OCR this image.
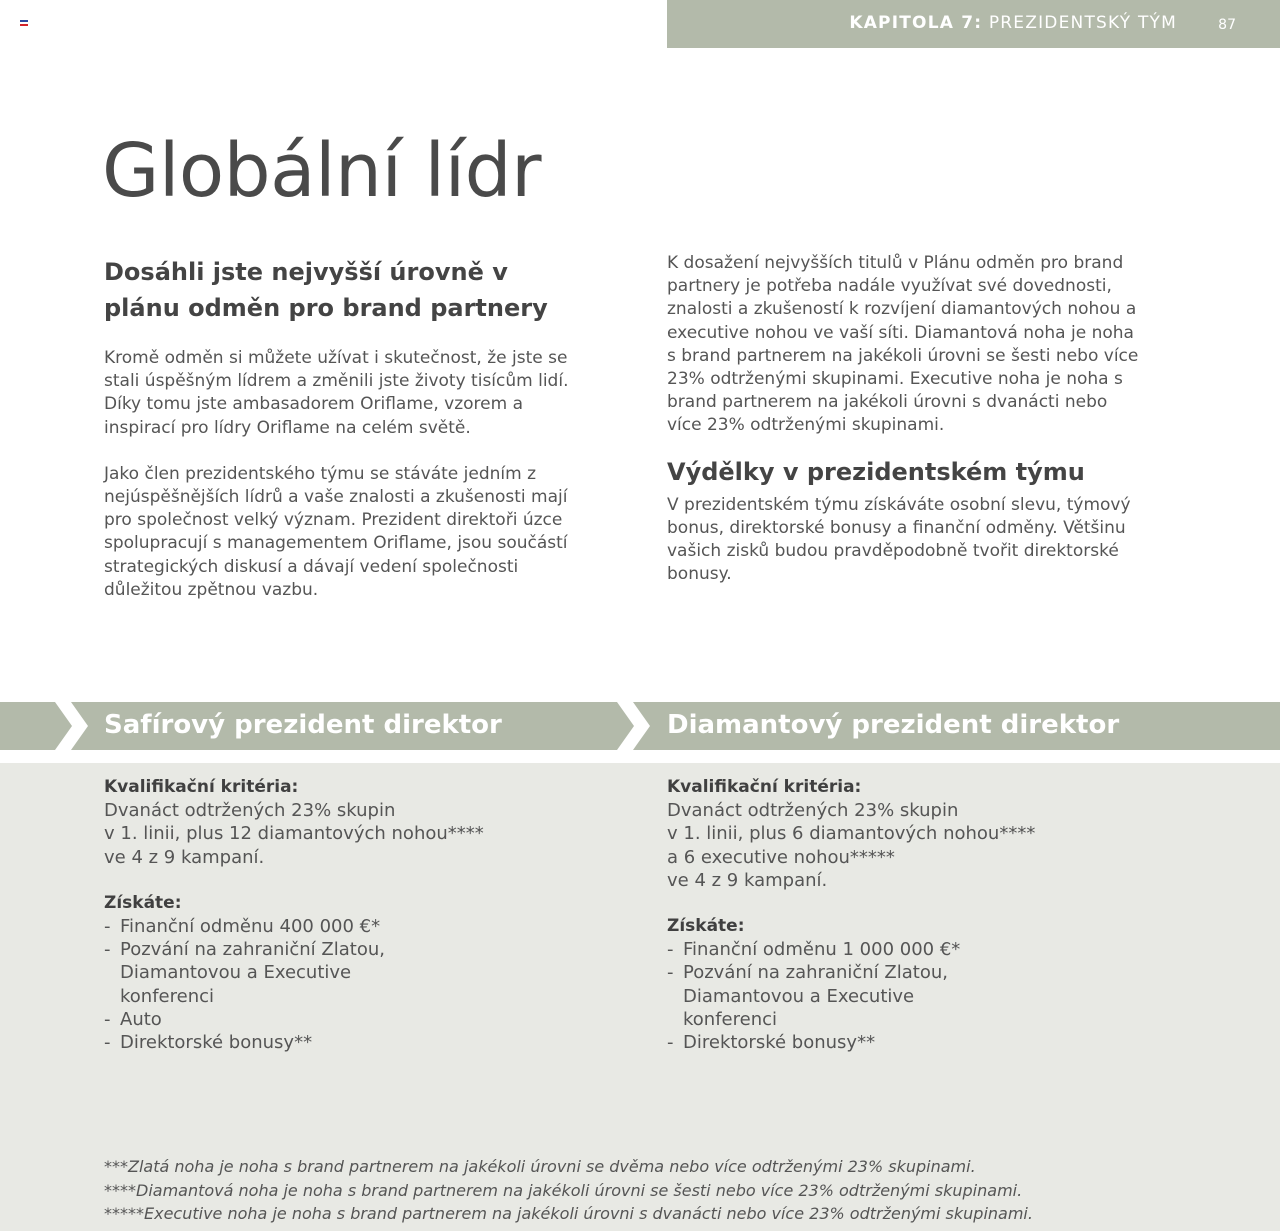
KAPITOLA 7: PREZIDENTSKÝ TÝM	87
Globální lídr
Dosáhli jste nejvyšší úrovně v plánu odměn pro brand partnery

Kromě odměn si můžete užívat i skutečnost, že jste se stali úspěšným lídrem a změnili jste životy tisícům lidí. Díky tomu jste ambasadorem Oriflame, vzorem a inspirací pro lídry Oriflame na celém světě.

Jako člen prezidentského týmu se stáváte jedním z nejúspěšnějších lídrů a vaše znalosti a zkušenosti mají pro společnost velký význam. Prezident direktoři úzce spolupracují s managementem Oriflame, jsou součástí strategických diskusí a dávají vedení společnosti důležitou zpětnou vazbu.

K dosažení nejvyšších titulů v Plánu odměn pro brand partnery je potřeba nadále využívat své dovednosti, znalosti a zkušeností k rozvíjení diamantových nohou a executive nohou ve vaší síti. Diamantová noha je noha s brand partnerem na jakékoli úrovni se šesti nebo více 23% odtrženými skupinami. Executive noha je noha s brand partnerem na jakékoli úrovni s dvanácti nebo více 23% odtrženými skupinami.

Výdělky v prezidentském týmu

V prezidentském týmu získáváte osobní slevu, týmový bonus, direktorské bonusy a finanční odměny. Většinu vašich zisků budou pravděpodobně tvořit direktorské bonusy.

Safírový prezident direktor	Diamantový prezident direktor
Kvalifikační kritéria:
Dvanáct odtržených 23% skupin
v 1. linii, plus 12 diamantových nohou****
ve 4 z 9 kampaní.
Získáte:
- Finanční odměnu 400 000 €*
- Pozvání na zahraniční Zlatou, Diamantovou a Executive konferenci
- Auto
- Direktorské bonusy**
Kvalifikační kritéria:
Dvanáct odtržených 23% skupin
v 1. linii, plus 6 diamantových nohou****
a 6 executive nohou*****
ve 4 z 9 kampaní.
Získáte:
- Finanční odměnu 1 000 000 €*
- Pozvání na zahraniční Zlatou, Diamantovou a Executive konferenci
- Direktorské bonusy**
***Zlatá noha je noha s brand partnerem na jakékoli úrovni se dvěma nebo více odtrženými 23% skupinami.
****Diamantová noha je noha s brand partnerem na jakékoli úrovni se šesti nebo více 23% odtrženými skupinami.
*****Executive noha je noha s brand partnerem na jakékoli úrovni s dvanácti nebo více 23% odtrženými skupinami.
